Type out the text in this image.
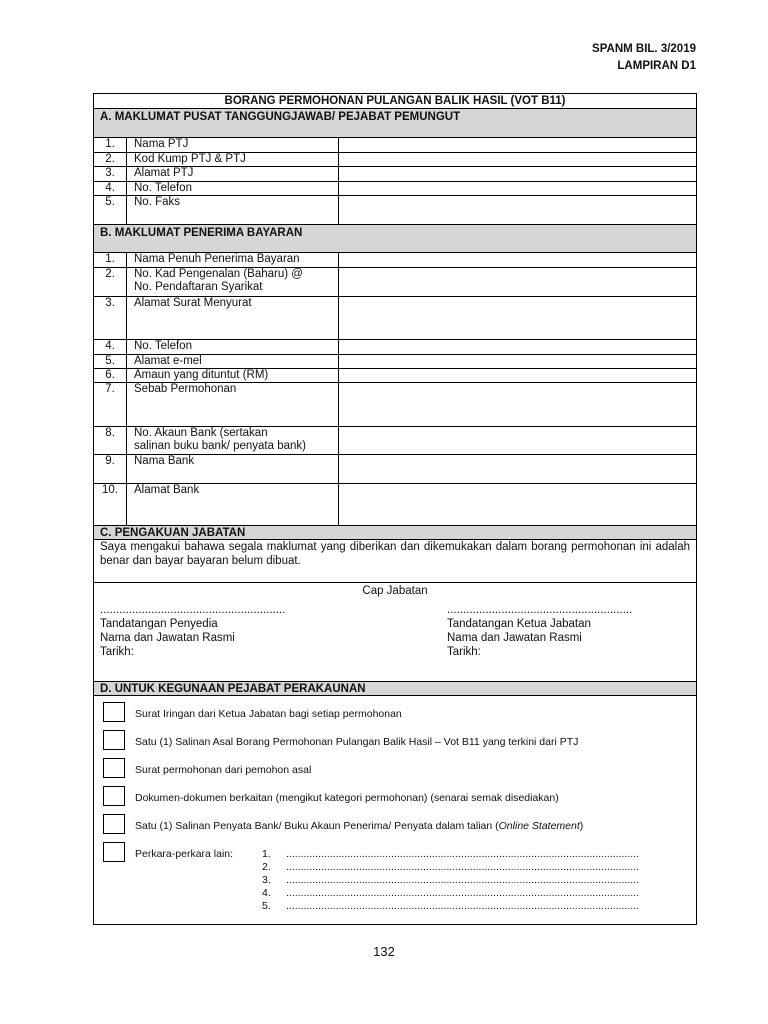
SPANM BIL. 3/2019
LAMPIRAN D1
BORANG PERMOHONAN PULANGAN BALIK HASIL (VOT B11)
A. MAKLUMAT PUSAT TANGGUNGJAWAB/ PEJABAT PEMUNGUT
1.	Nama PTJ
2.	Kod Kump PTJ & PTJ
3.	Alamat PTJ
4.	No. Telefon
5.	No. Faks
B. MAKLUMAT PENERIMA BAYARAN
1.	Nama Penuh Penerima Bayaran
2.	No. Kad Pengenalan (Baharu) @
No. Pendaftaran Syarikat
3.	Alamat Surat Menyurat
4.	No. Telefon
5.	Alamat e-mel
6.	Amaun yang dituntut (RM)
7.	Sebab Permohonan
8.	No. Akaun Bank (sertakan
salinan buku bank/ penyata bank)
9.	Nama Bank
10.	Alamat Bank
C. PENGAKUAN JABATAN
Saya mengakui bahawa segala maklumat yang diberikan dan dikemukakan dalam borang permohonan ini adalah benar dan bayar bayaran belum dibuat.
Cap Jabatan
..........................................................
Tandatangan Penyedia
Nama dan Jawatan Rasmi
Tarikh:
..........................................................
Tandatangan Ketua Jabatan
Nama dan Jawatan Rasmi
Tarikh:
D. UNTUK KEGUNAAN PEJABAT PERAKAUNAN
Surat Iringan dari Ketua Jabatan bagi setiap permohonan
Satu (1) Salinan Asal Borang Permohonan Pulangan Balik Hasil – Vot B11 yang terkini dari PTJ
Surat permohonan dari pemohon asal
Dokumen-dokumen berkaitan (mengikut kategori permohonan) (senarai semak disediakan)
Satu (1) Salinan Penyata Bank/ Buku Akaun Penerima/ Penyata dalam talian (Online Statement)
Perkara-perkara lain:	1. .........................................................................................................................
2. .........................................................................................................................
3. .........................................................................................................................
4. .........................................................................................................................
5. .........................................................................................................................
132
